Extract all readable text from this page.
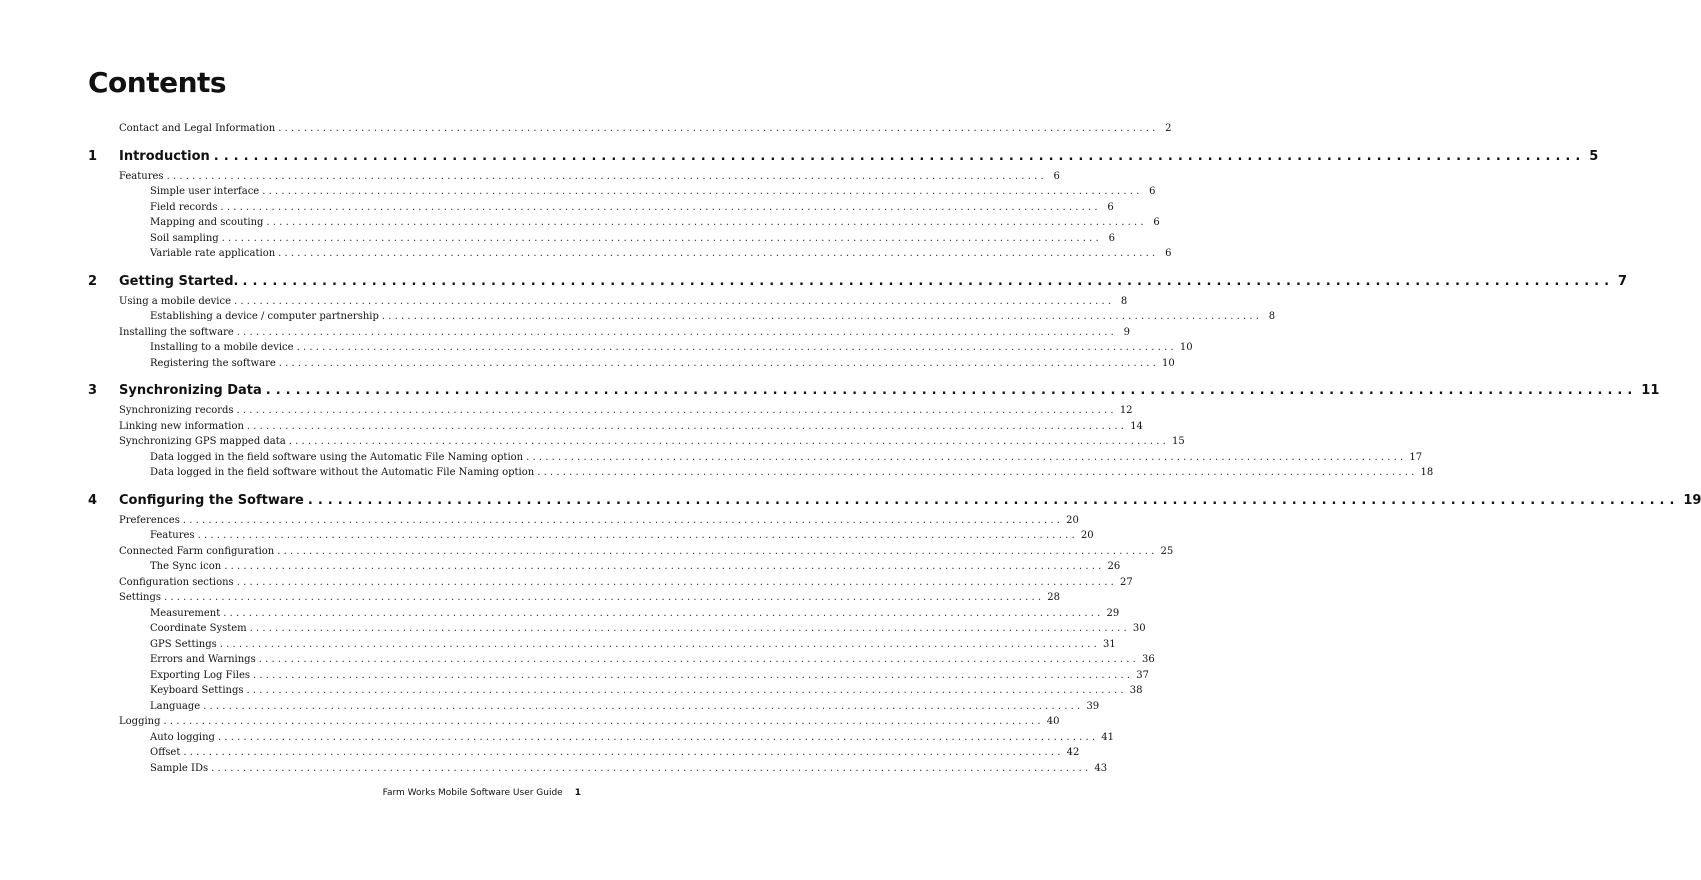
Contents
Contact and Legal Information .......................................................................................................................................... 2
1	Introduction .......................................................................................................................................... 5
Features .......................................................................................................................................... 6
Simple user interface .......................................................................................................................................... 6
Field records .......................................................................................................................................... 6
Mapping and scouting .......................................................................................................................................... 6
Soil sampling .......................................................................................................................................... 6
Variable rate application .......................................................................................................................................... 6
2	Getting Started. .......................................................................................................................................... 7
Using a mobile device .......................................................................................................................................... 8
Establishing a device / computer partnership .......................................................................................................................................... 8
Installing the software .......................................................................................................................................... 9
Installing to a mobile device .......................................................................................................................................... 10
Registering the software .......................................................................................................................................... 10
3	Synchronizing Data .......................................................................................................................................... 11
Synchronizing records .......................................................................................................................................... 12
Linking new information .......................................................................................................................................... 14
Synchronizing GPS mapped data .......................................................................................................................................... 15
Data logged in the field software using the Automatic File Naming option .......................................................................................................................................... 17
Data logged in the field software without the Automatic File Naming option .......................................................................................................................................... 18
4	Configuring the Software .......................................................................................................................................... 19
Preferences .......................................................................................................................................... 20
Features .......................................................................................................................................... 20
Connected Farm configuration .......................................................................................................................................... 25
The Sync icon .......................................................................................................................................... 26
Configuration sections .......................................................................................................................................... 27
Settings .......................................................................................................................................... 28
Measurement .......................................................................................................................................... 29
Coordinate System .......................................................................................................................................... 30
GPS Settings .......................................................................................................................................... 31
Errors and Warnings .......................................................................................................................................... 36
Exporting Log Files .......................................................................................................................................... 37
Keyboard Settings .......................................................................................................................................... 38
Language .......................................................................................................................................... 39
Logging .......................................................................................................................................... 40
Auto logging .......................................................................................................................................... 41
Offset .......................................................................................................................................... 42
Sample IDs .......................................................................................................................................... 43
Farm Works Mobile Software User Guide 1
